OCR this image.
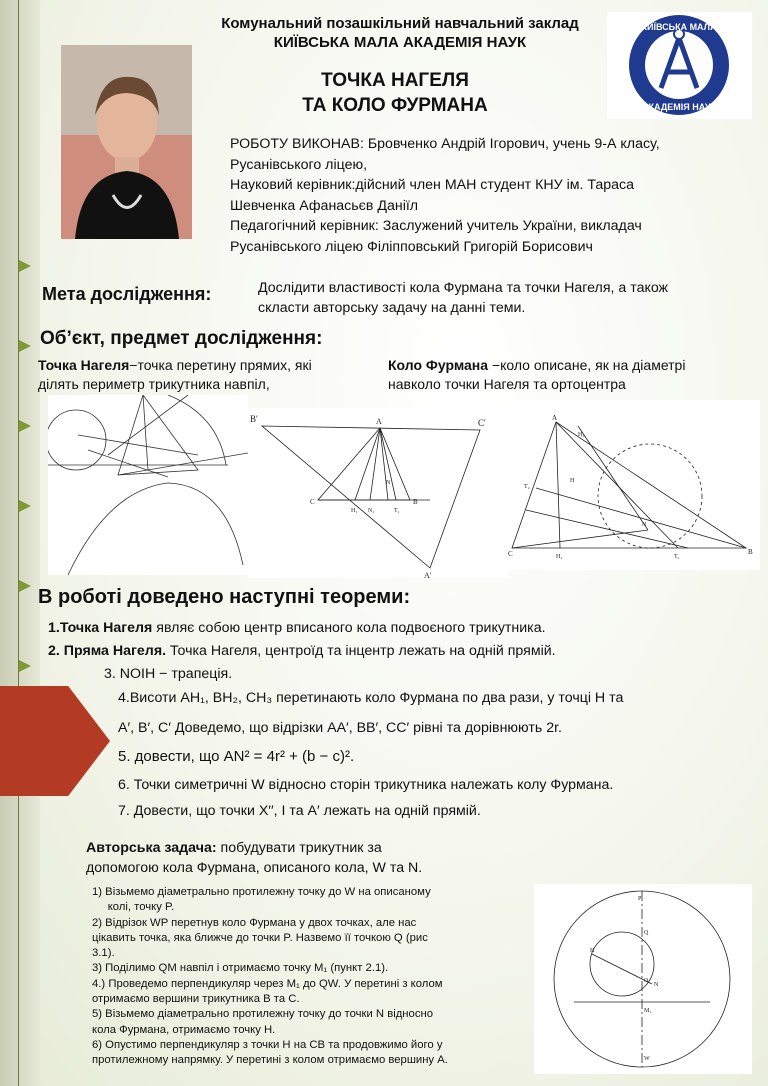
Комунальний позашкільний навчальний заклад
КИЇВСЬКА МАЛА АКАДЕМІЯ НАУК
ТОЧКА НАГЕЛЯ
ТА КОЛО ФУРМАНА
КИЇВСЬКА МАЛА
АКАДЕМІЯ НАУК
РОБОТУ ВИКОНАВ: Бровченко Андрій Ігорович, учень 9-А класу,
Русанівського ліцею,
Науковий керівник:дійсний член МАН студент КНУ ім. Тараса
Шевченка Афанасьєв Даніїл
Педагогічний керівник: Заслужений учитель України, викладач
Русанівського ліцею Філіпповський Григорій Борисович
Мета дослідження:	Дослідити властивості кола Фурмана та точки Нагеля, а також
скласти авторську задачу на данні теми.
Об’єкт, предмет дослідження:
Точка Нагеля−точка перетину прямих, які
ділять периметр трикутника навпіл,
Коло Фурмана −коло описане, як на діаметрі
навколо точки Нагеля та ортоцентра
B′	A	C′
C
H₁ N₁	T₁
B
N
A′
A
H₂
T₂
H
N
C	H₁	T₁
B
В роботі доведено наступні теореми:
1.Точка Нагеля являє собою центр вписаного кола подвоєного трикутника.
2. Пряма Нагеля. Точка Нагеля, центроїд та інцентр лежать на одній прямій.
3. NOIH − трапеція.
4.Висоти AH₁, BH₂, CH₃ перетинають коло Фурмана по два рази, у точці H та
A′, B′, C′ Доведемо, що відрізки AA′, BB′, CC′ рівні та дорівнюють 2r.
5. довести, що AN² = 4r² + (b − c)².
6. Точки симетричні W відносно сторін трикутника належать колу Фурмана.
7. Довести, що точки X′′, I та A′ лежать на одній прямій.
Авторська задача: побудувати трикутник за
допомогою кола Фурмана, описаного кола, W та N.
1) Візьмемо діаметрально протилежну точку до W на описаному
колі, точку P.
2) Відрізок WP перетнув коло Фурмана у двох точках, але нас
цікавить точка, яка ближче до точки P. Назвемо її точкою Q (рис
3.1).
3) Поділимо QM навпіл і отримаємо точку M₁ (пункт 2.1).
4.) Проведемо перпендикуляр через M₁ до QW. У перетині з колом
отримаємо вершини трикутника B та C.
5) Візьмемо діаметрально протилежну точку до точки N відносно
кола Фурмана, отримаємо точку H.
6) Опустимо перпендикуляр з точки H на CB та продовжимо його у
протилежному напрямку. У перетині з колом отримаємо вершину A.
P
Q
H
O
N
M₁
W
